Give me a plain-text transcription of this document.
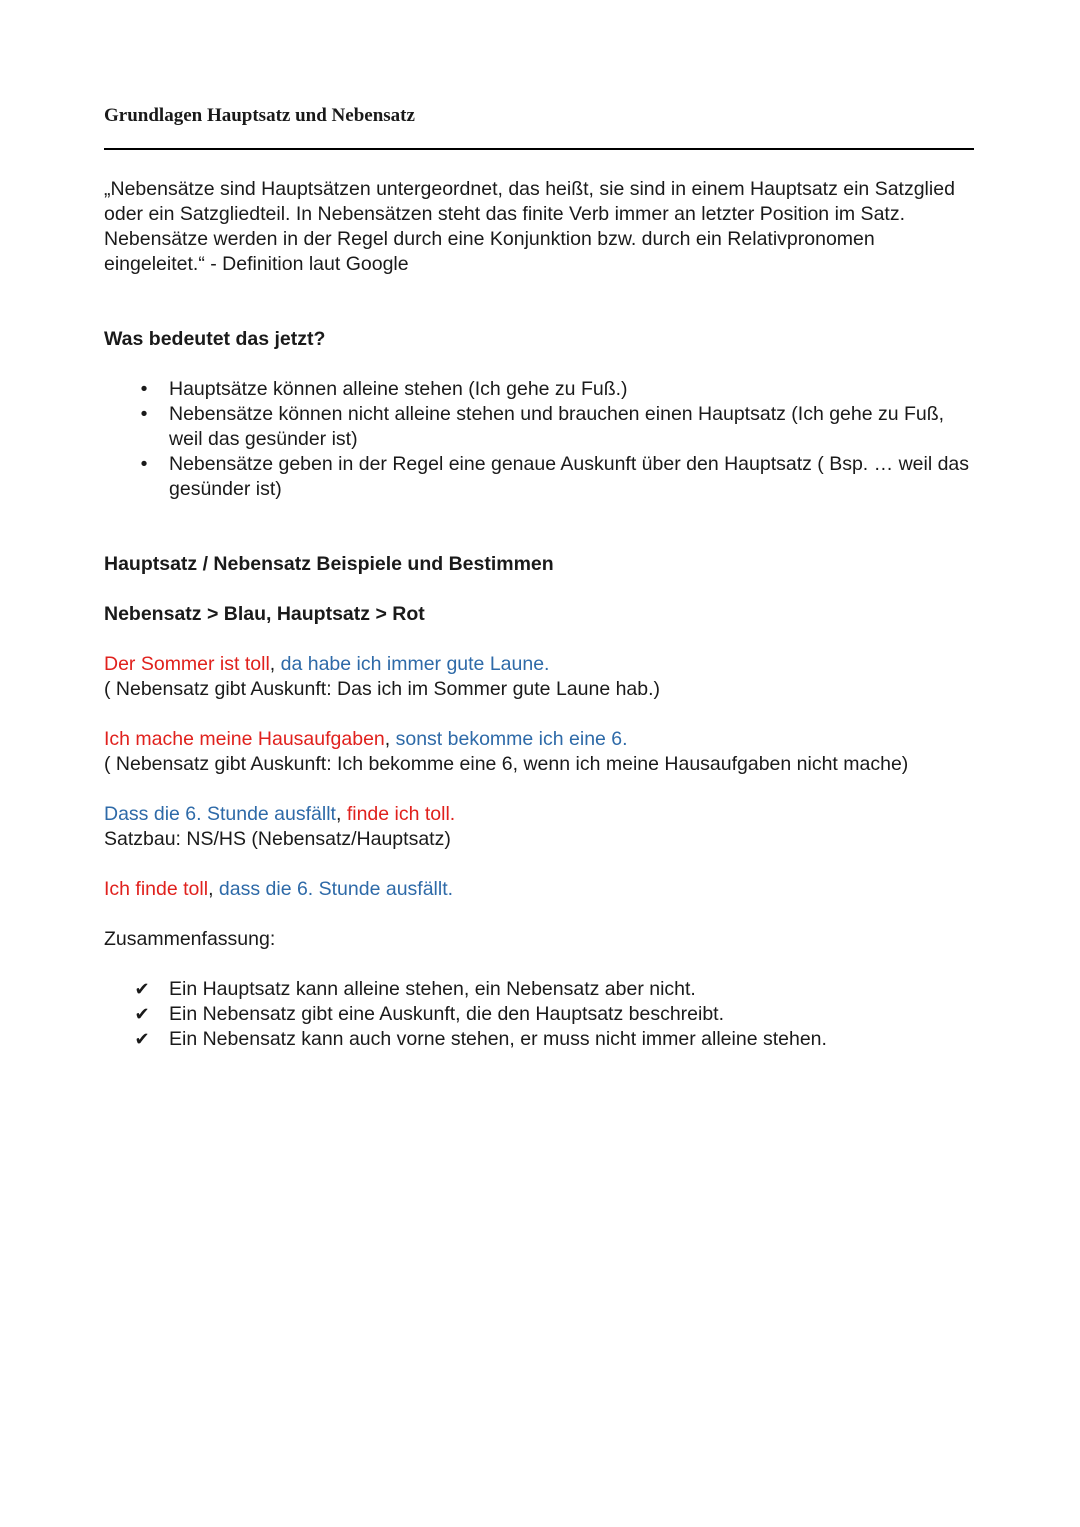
Grundlagen Hauptsatz und Nebensatz

„Nebensätze sind Hauptsätzen untergeordnet, das heißt, sie sind in einem Hauptsatz ein Satzglied oder ein Satzgliedteil. In Nebensätzen steht das finite Verb immer an letzter Position im Satz. Nebensätze werden in der Regel durch eine Konjunktion bzw. durch ein Relativpronomen eingeleitet.“ - Definition laut Google

Was bedeutet das jetzt?

• Hauptsätze können alleine stehen (Ich gehe zu Fuß.)
• Nebensätze können nicht alleine stehen und brauchen einen Hauptsatz (Ich gehe zu Fuß, weil das gesünder ist)
• Nebensätze geben in der Regel eine genaue Auskunft über den Hauptsatz ( Bsp. … weil das gesünder ist)

Hauptsatz / Nebensatz Beispiele und Bestimmen

Nebensatz > Blau, Hauptsatz > Rot

Der Sommer ist toll, da habe ich immer gute Laune.

( Nebensatz gibt Auskunft: Das ich im Sommer gute Laune hab.)

Ich mache meine Hausaufgaben, sonst bekomme ich eine 6.

( Nebensatz gibt Auskunft: Ich bekomme eine 6, wenn ich meine Hausaufgaben nicht mache)

Dass die 6. Stunde ausfällt, finde ich toll.

Satzbau: NS/HS (Nebensatz/Hauptsatz)

Ich finde toll, dass die 6. Stunde ausfällt.

Zusammenfassung:

✔ Ein Hauptsatz kann alleine stehen, ein Nebensatz aber nicht.
✔ Ein Nebensatz gibt eine Auskunft, die den Hauptsatz beschreibt.
✔ Ein Nebensatz kann auch vorne stehen, er muss nicht immer alleine stehen.
